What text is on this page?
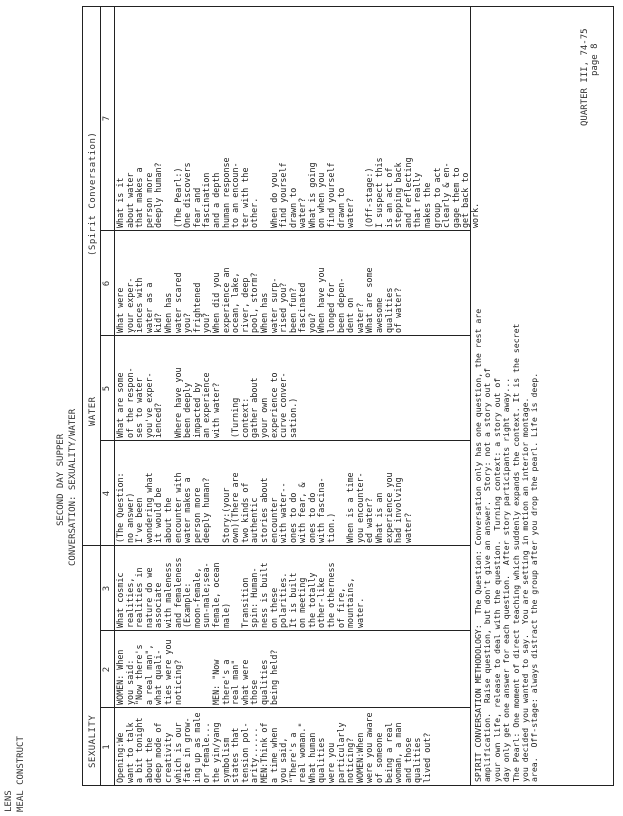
LENS MEAL CONSTRUCT
SECOND DAY SUPPER CONVERSATION: SEXUALITY/WATER
QUARTER III, 74-75 page 8
SEXUALITY
WATER
(Spirit Conversation)
1
2
3
4
5
6
7
Opening:We
want to talk
a bit tonight
about the
deep mode of
creativity
which is our
fate in grow-
ing up as male
or female...
the yin/yang
symbolism
states that
tension pol-
arity......
MEN:Think of
a time when
you said,
"There's a
real woman."
What human
qualities
were you
particularly
noticing?
WOMEN:When
were you aware
of someone
being a real
woman, a man
and those
qualities
lived out?
WOMEN: When
you said:
"Now there's
a real man",
what quali-
ties were you
noticing?

MEN: "Now
there's a
real man"
what were
those
qualities
being held?
What cosmic
realities,
realities in
nature do we
associate
with maleness
and femaleness
(Example:
moon-female,
sun-male;sea-
female, ocean
male)

Transition
spin: Human-
ness is built
on these
polarities.
It is built
on meeting
the totally
other-like
the otherness
of fire,
mountains,
water.
(The Question:
no answer)
I've been
wondering what
it would be
about the
encounter with
water makes a
person more
deeply human?

Story:(your
own)(There are
two kinds of
authentic
stories about
encounter
with water--
ones to do
with fear, &
ones to do
with fascina-
tion.)

When is a time
you encounter-
ed water?
What is an
experience you
had involving
water?
What are some
of the respon-
ses to water
you've exper-
ienced?

Where have you
been deeply
impacted by
an experience
with water?

(Turning
context:
gather about
your own
experience to
curve conver-
sation.)
What were
your exper-
iences with
water as a
kid?
When has
water scared
you?
frightened
you?
When did you
experience an
ocean, lake,
river, deep
pool, storm?
When has
water surp-
rised you?
been fun?
fascinated
you?
When have you
longed for
been depen-
dent on
water?
What are some
awesome
qualities
of water?
What is it
about water
that makes a
person more
deeply human?

(The Pearl:)
One discovers
fear and
fascination
and a depth
human response
to an encoun-
ter with the
other.

When do you
find yourself
drawn to
water?
What is going
on when you
find yourself
drawn to
water?

(Off-stage:)
I suspect this
is an act of
stepping back
and reflecting
that really
makes the
group to act
clearly & en-
gage them to
get back to
work.
SPIRIT CONVERSATION METHODOLOGY:  The Question: Conversation only has one question, the rest are
amplification.  Raise question, but don't give an answer.  Story: not a story out of
your own life, release to deal with the question.  Turning context: a story out of
day only get one answer for each question.  After story participants right away...
The Pearl: One moment of direct teaching which suddenly expands the context. It is the secret
you decided you wanted to say.  You are setting in motion an interior montage.
area.  Off-stage: always distract the group after you drop the pearl. Life is deep.
